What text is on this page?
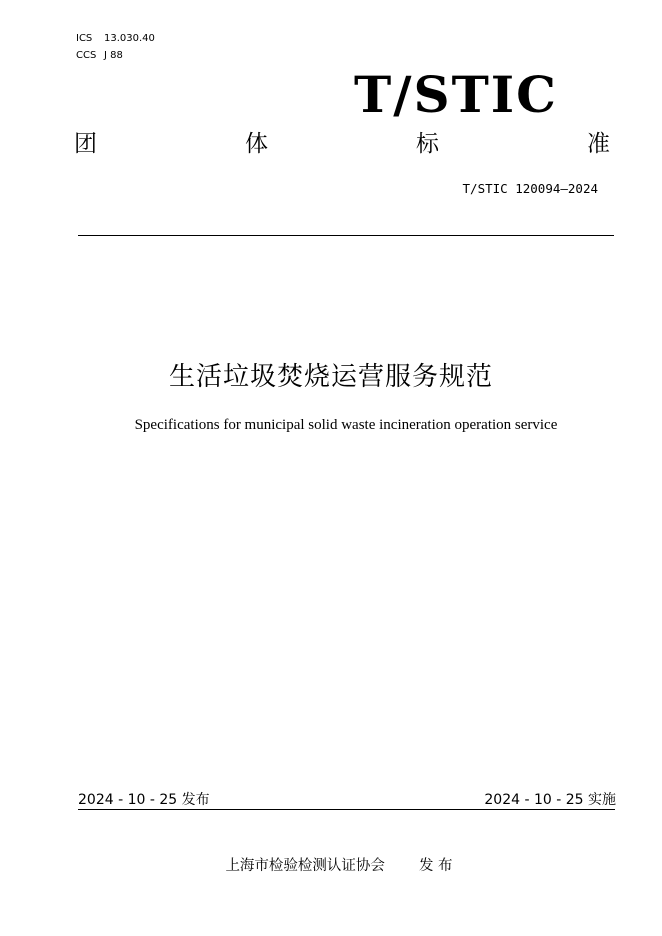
ICS 13.030.40
CCS J 88
T/STIC
团	体	标	准
T/STIC 120094—2024
生活垃圾焚烧运营服务规范
Specifications for municipal solid waste incineration operation service
2024 - 10 - 25 发布	2024 - 10 - 25 实施
上海市检验检测认证协会 发 布
